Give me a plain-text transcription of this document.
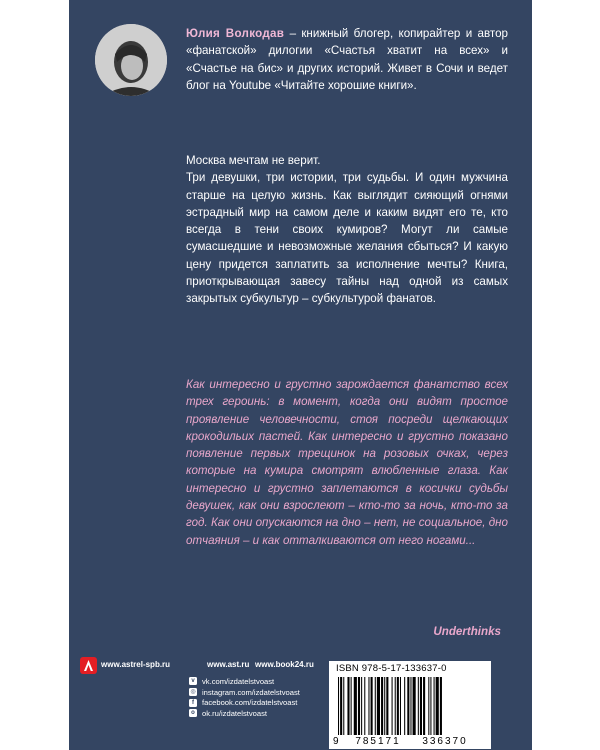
Юлия Волкодав – книжный блогер, копирайтер и автор «фанатской» дилогии «Счастья хватит на всех» и «Счастье на бис» и других историй. Живет в Сочи и ведет блог на Youtube «Читайте хорошие книги».

Москва мечтам не верит.

Три девушки, три истории, три судьбы. И один мужчина старше на целую жизнь. Как выглядит сияющий огнями эстрадный мир на самом деле и каким видят его те, кто всегда в тени своих кумиров? Могут ли самые сумасшедшие и невозможные желания сбыться? И какую цену придется заплатить за исполнение мечты? Книга, приоткрывающая завесу тайны над одной из самых закрытых субкультур – субкультурой фанатов.

Как интересно и грустно зарождается фанатство всех трех героинь: в момент, когда они видят простое проявление человечности, стоя посреди щелкающих крокодильих пастей. Как интересно и грустно показано появление первых трещинок на розовых очках, через которые на кумира смотрят влюбленные глаза. Как интересно и грустно заплетаются в косички судьбы девушек, как они взрослеют – кто-то за ночь, кто-то за год. Как они опускаются на дно – нет, не социальное, дно отчаяния – и как отталкиваются от него ногами...
Underthinks
www.astrel-spb.ru	www.ast.ru www.book24.ru
v vk.com/izdatelstvoast
◎ instagram.com/izdatelstvoast
f	facebook.com/izdatelstvoast
o ok.ru/izdatelstvoast
ISBN 978-5-17-133637-0
9 785171 336370
